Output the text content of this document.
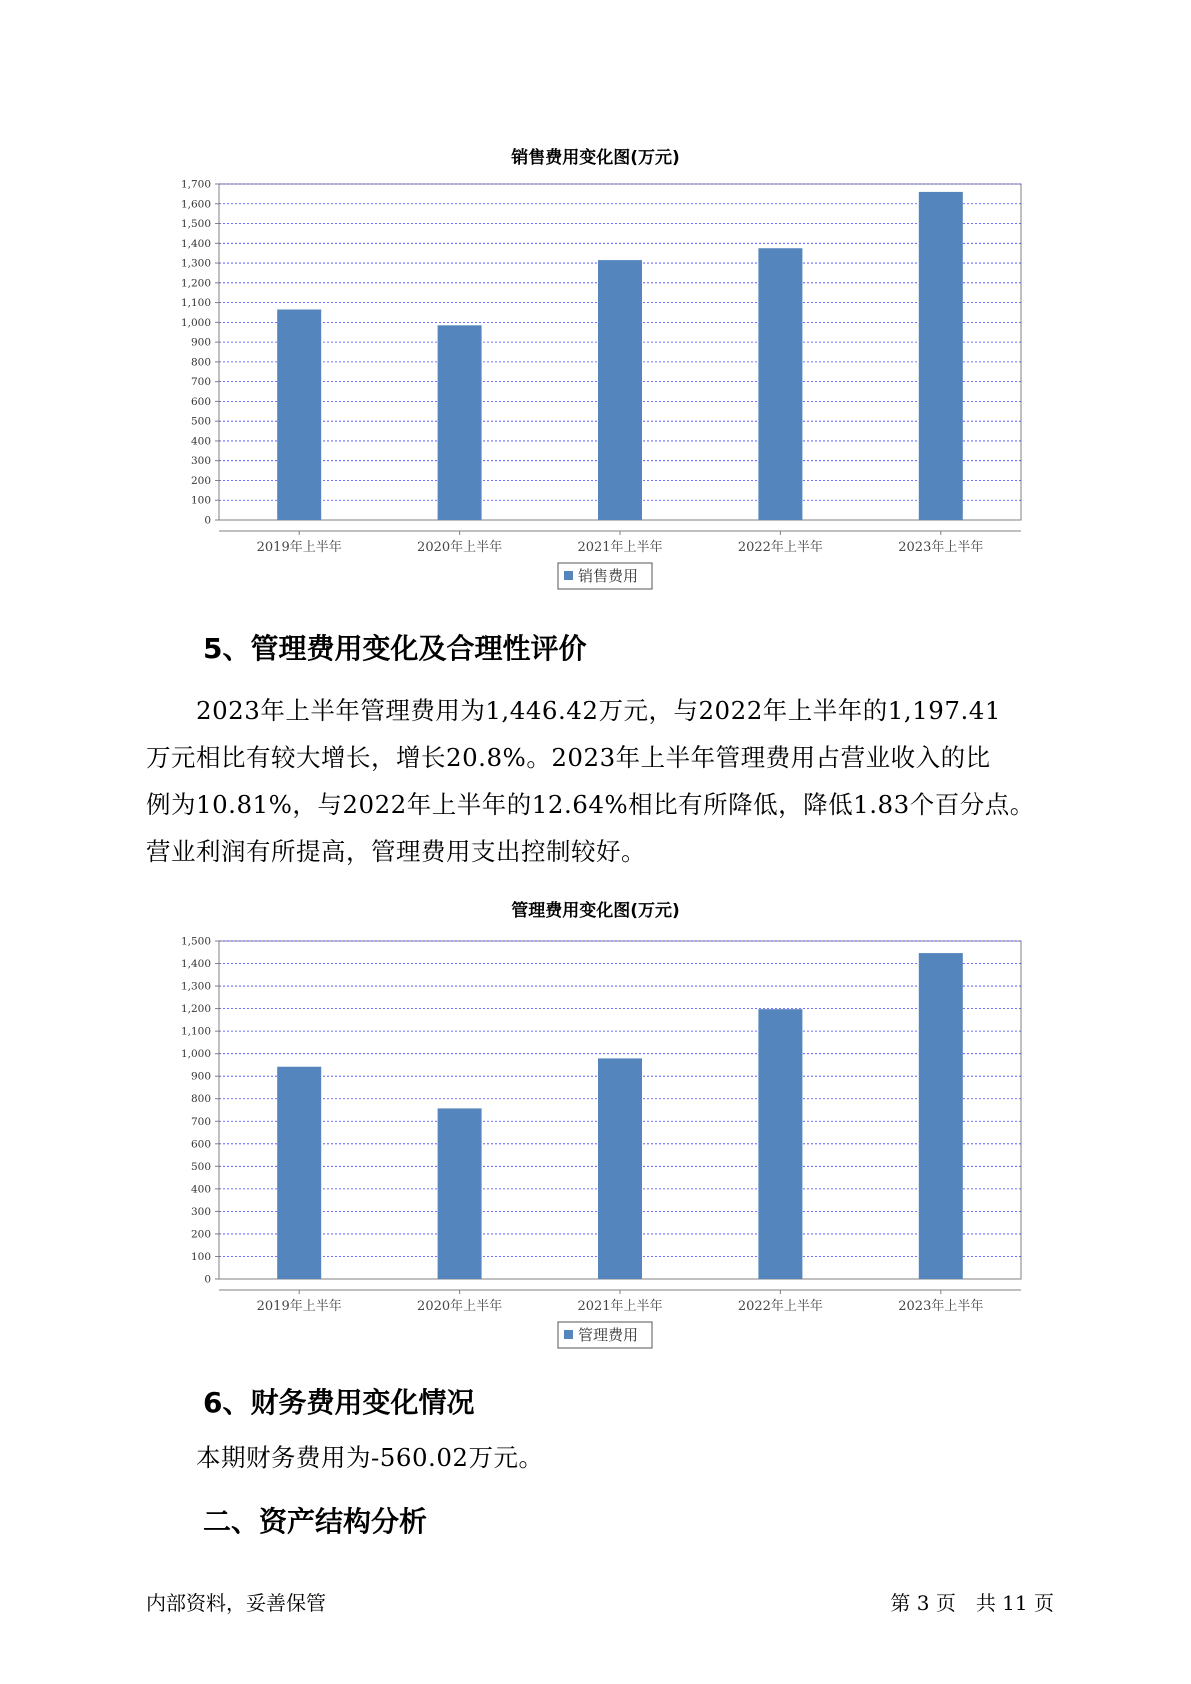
销售费用变化图(万元)
0
100
200
300
400
500
600
700
800
900
1,000
1,100
1,200
1,300
1,400
1,500
1,600
1,700
2019年上半年	2020年上半年	2021年上半年	2022年上半年	2023年上半年
销售费用
5、管理费用变化及合理性评价
　　2023年上半年管理费用为1,446.42万元，与2022年上半年的1,197.41
万元相比有较大增长，增长20.8%。2023年上半年管理费用占营业收入的比
例为10.81%，与2022年上半年的12.64%相比有所降低，降低1.83个百分点。
营业利润有所提高，管理费用支出控制较好。
管理费用变化图(万元)
0
100
200
300
400
500
600
700
800
900
1,000
1,100
1,200
1,300
1,400
1,500
2019年上半年	2020年上半年	2021年上半年	2022年上半年	2023年上半年
管理费用
6、财务费用变化情况
　　本期财务费用为-560.02万元。
二、资产结构分析
内部资料，妥善保管	第 3 页　共 11 页
